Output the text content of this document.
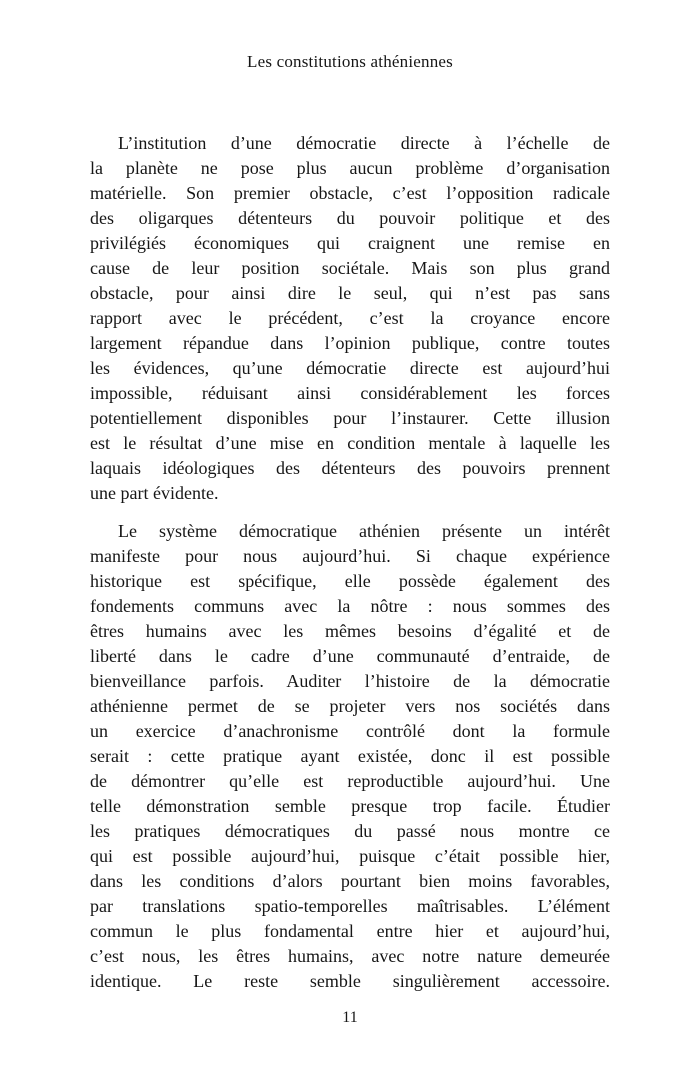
Les constitutions athéniennes
L’institution d’une démocratie directe à l’échelle de
la planète ne pose plus aucun problème d’organisation
matérielle. Son premier obstacle, c’est l’opposition radicale
des oligarques détenteurs du pouvoir politique et des
privilégiés économiques qui craignent une remise en
cause de leur position sociétale. Mais son plus grand
obstacle, pour ainsi dire le seul, qui n’est pas sans
rapport avec le précédent, c’est la croyance encore
largement répandue dans l’opinion publique, contre toutes
les évidences, qu’une démocratie directe est aujourd’hui
impossible, réduisant ainsi considérablement les forces
potentiellement disponibles pour l’instaurer. Cette illusion
est le résultat d’une mise en condition mentale à laquelle les
laquais idéologiques des détenteurs des pouvoirs prennent
une part évidente.
Le système démocratique athénien présente un intérêt
manifeste pour nous aujourd’hui. Si chaque expérience
historique est spécifique, elle possède également des
fondements communs avec la nôtre : nous sommes des
êtres humains avec les mêmes besoins d’égalité et de
liberté dans le cadre d’une communauté d’entraide, de
bienveillance parfois. Auditer l’histoire de la démocratie
athénienne permet de se projeter vers nos sociétés dans
un exercice d’anachronisme contrôlé dont la formule
serait : cette pratique ayant existée, donc il est possible
de démontrer qu’elle est reproductible aujourd’hui. Une
telle démonstration semble presque trop facile. Étudier
les pratiques démocratiques du passé nous montre ce
qui est possible aujourd’hui, puisque c’était possible hier,
dans les conditions d’alors pourtant bien moins favorables,
par translations spatio-temporelles maîtrisables. L’élément
commun le plus fondamental entre hier et aujourd’hui,
c’est nous, les êtres humains, avec notre nature demeurée
identique. Le reste semble singulièrement accessoire.
11
